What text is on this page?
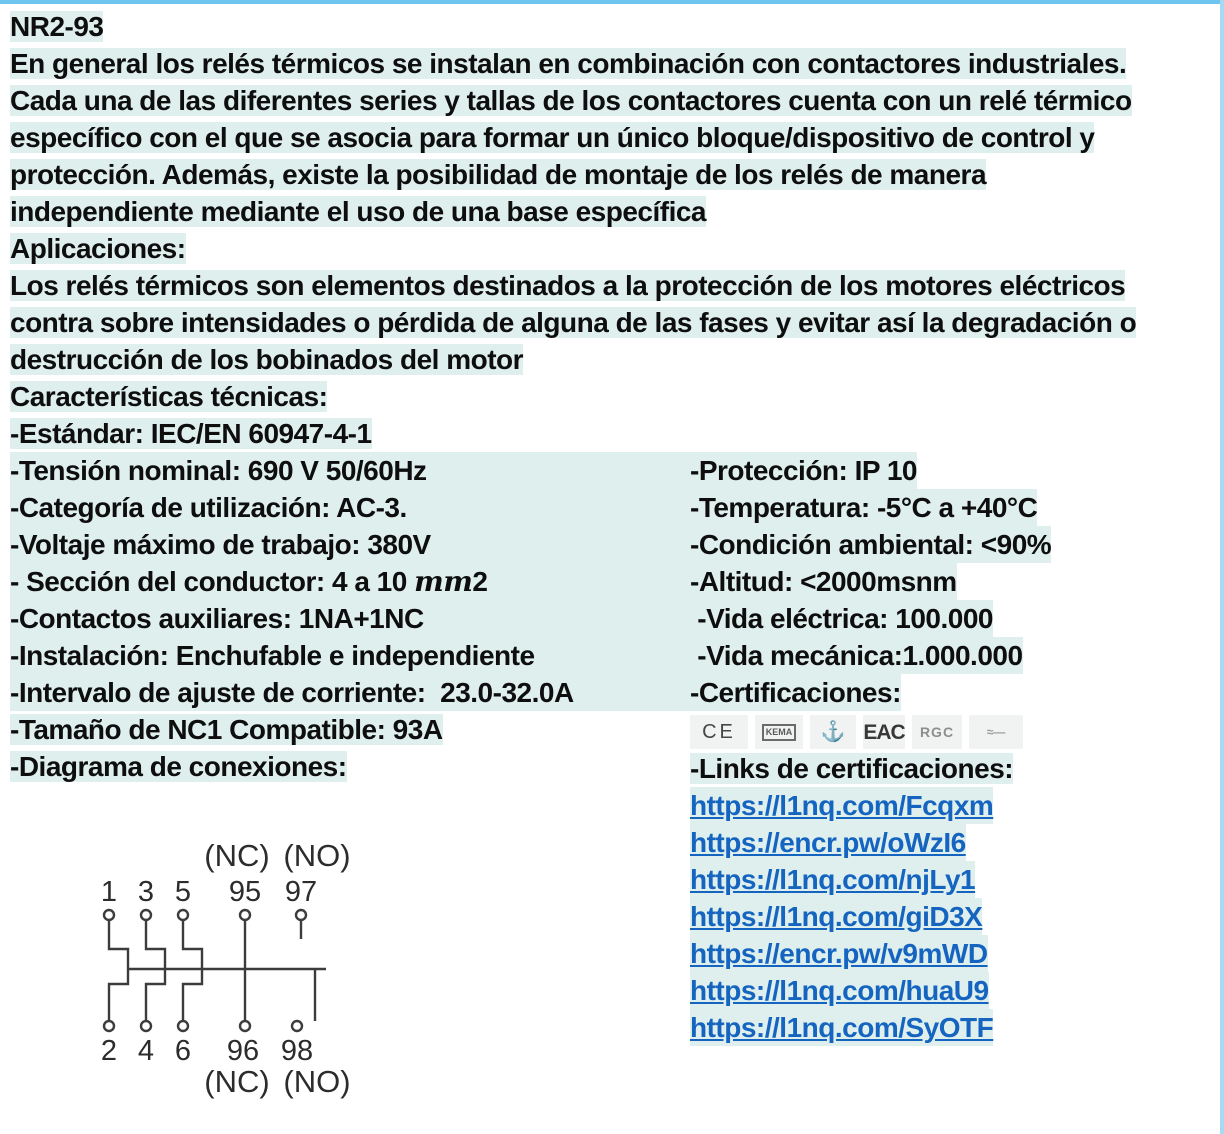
NR2-93
En general los relés térmicos se instalan en combinación con contactores industriales.
Cada una de las diferentes series y tallas de los contactores cuenta con un relé térmico
específico con el que se asocia para formar un único bloque/dispositivo de control y
protección. Además, existe la posibilidad de montaje de los relés de manera
independiente mediante el uso de una base específica
Aplicaciones:
Los relés térmicos son elementos destinados a la protección de los motores eléctricos
contra sobre intensidades o pérdida de alguna de las fases y evitar así la degradación o
destrucción de los bobinados del motor
Características técnicas:
-Estándar: IEC/EN 60947-4-1
-Tensión nominal: 690 V 50/60Hz	-Protección: IP 10
-Categoría de utilización: AC-3.	-Temperatura: -5°C a +40°C
-Voltaje máximo de trabajo: 380V	-Condición ambiental: <90%
- Sección del conductor: 4 a 10 mm2	-Altitud: <2000msnm
-Contactos auxiliares: 1NA+1NC	-Vida eléctrica: 100.000
-Instalación: Enchufable e independiente	-Vida mecánica:1.000.000
-Intervalo de ajuste de corriente:  23.0-32.0A	-Certificaciones:
-Tamaño de NC1 Compatible: 93A
-Diagrama de conexiones:
(NC) (NO)
1 3 5 95 97
2 4 6 96 98
(NC) (NO)
CE	KEMA	⚓ EAC	RGC	≈—
-Links de certificaciones:
https://l1nq.com/Fcqxm
https://encr.pw/oWzI6
https://l1nq.com/njLy1
https://l1nq.com/giD3X
https://encr.pw/v9mWD
https://l1nq.com/huaU9
https://l1nq.com/SyOTF
